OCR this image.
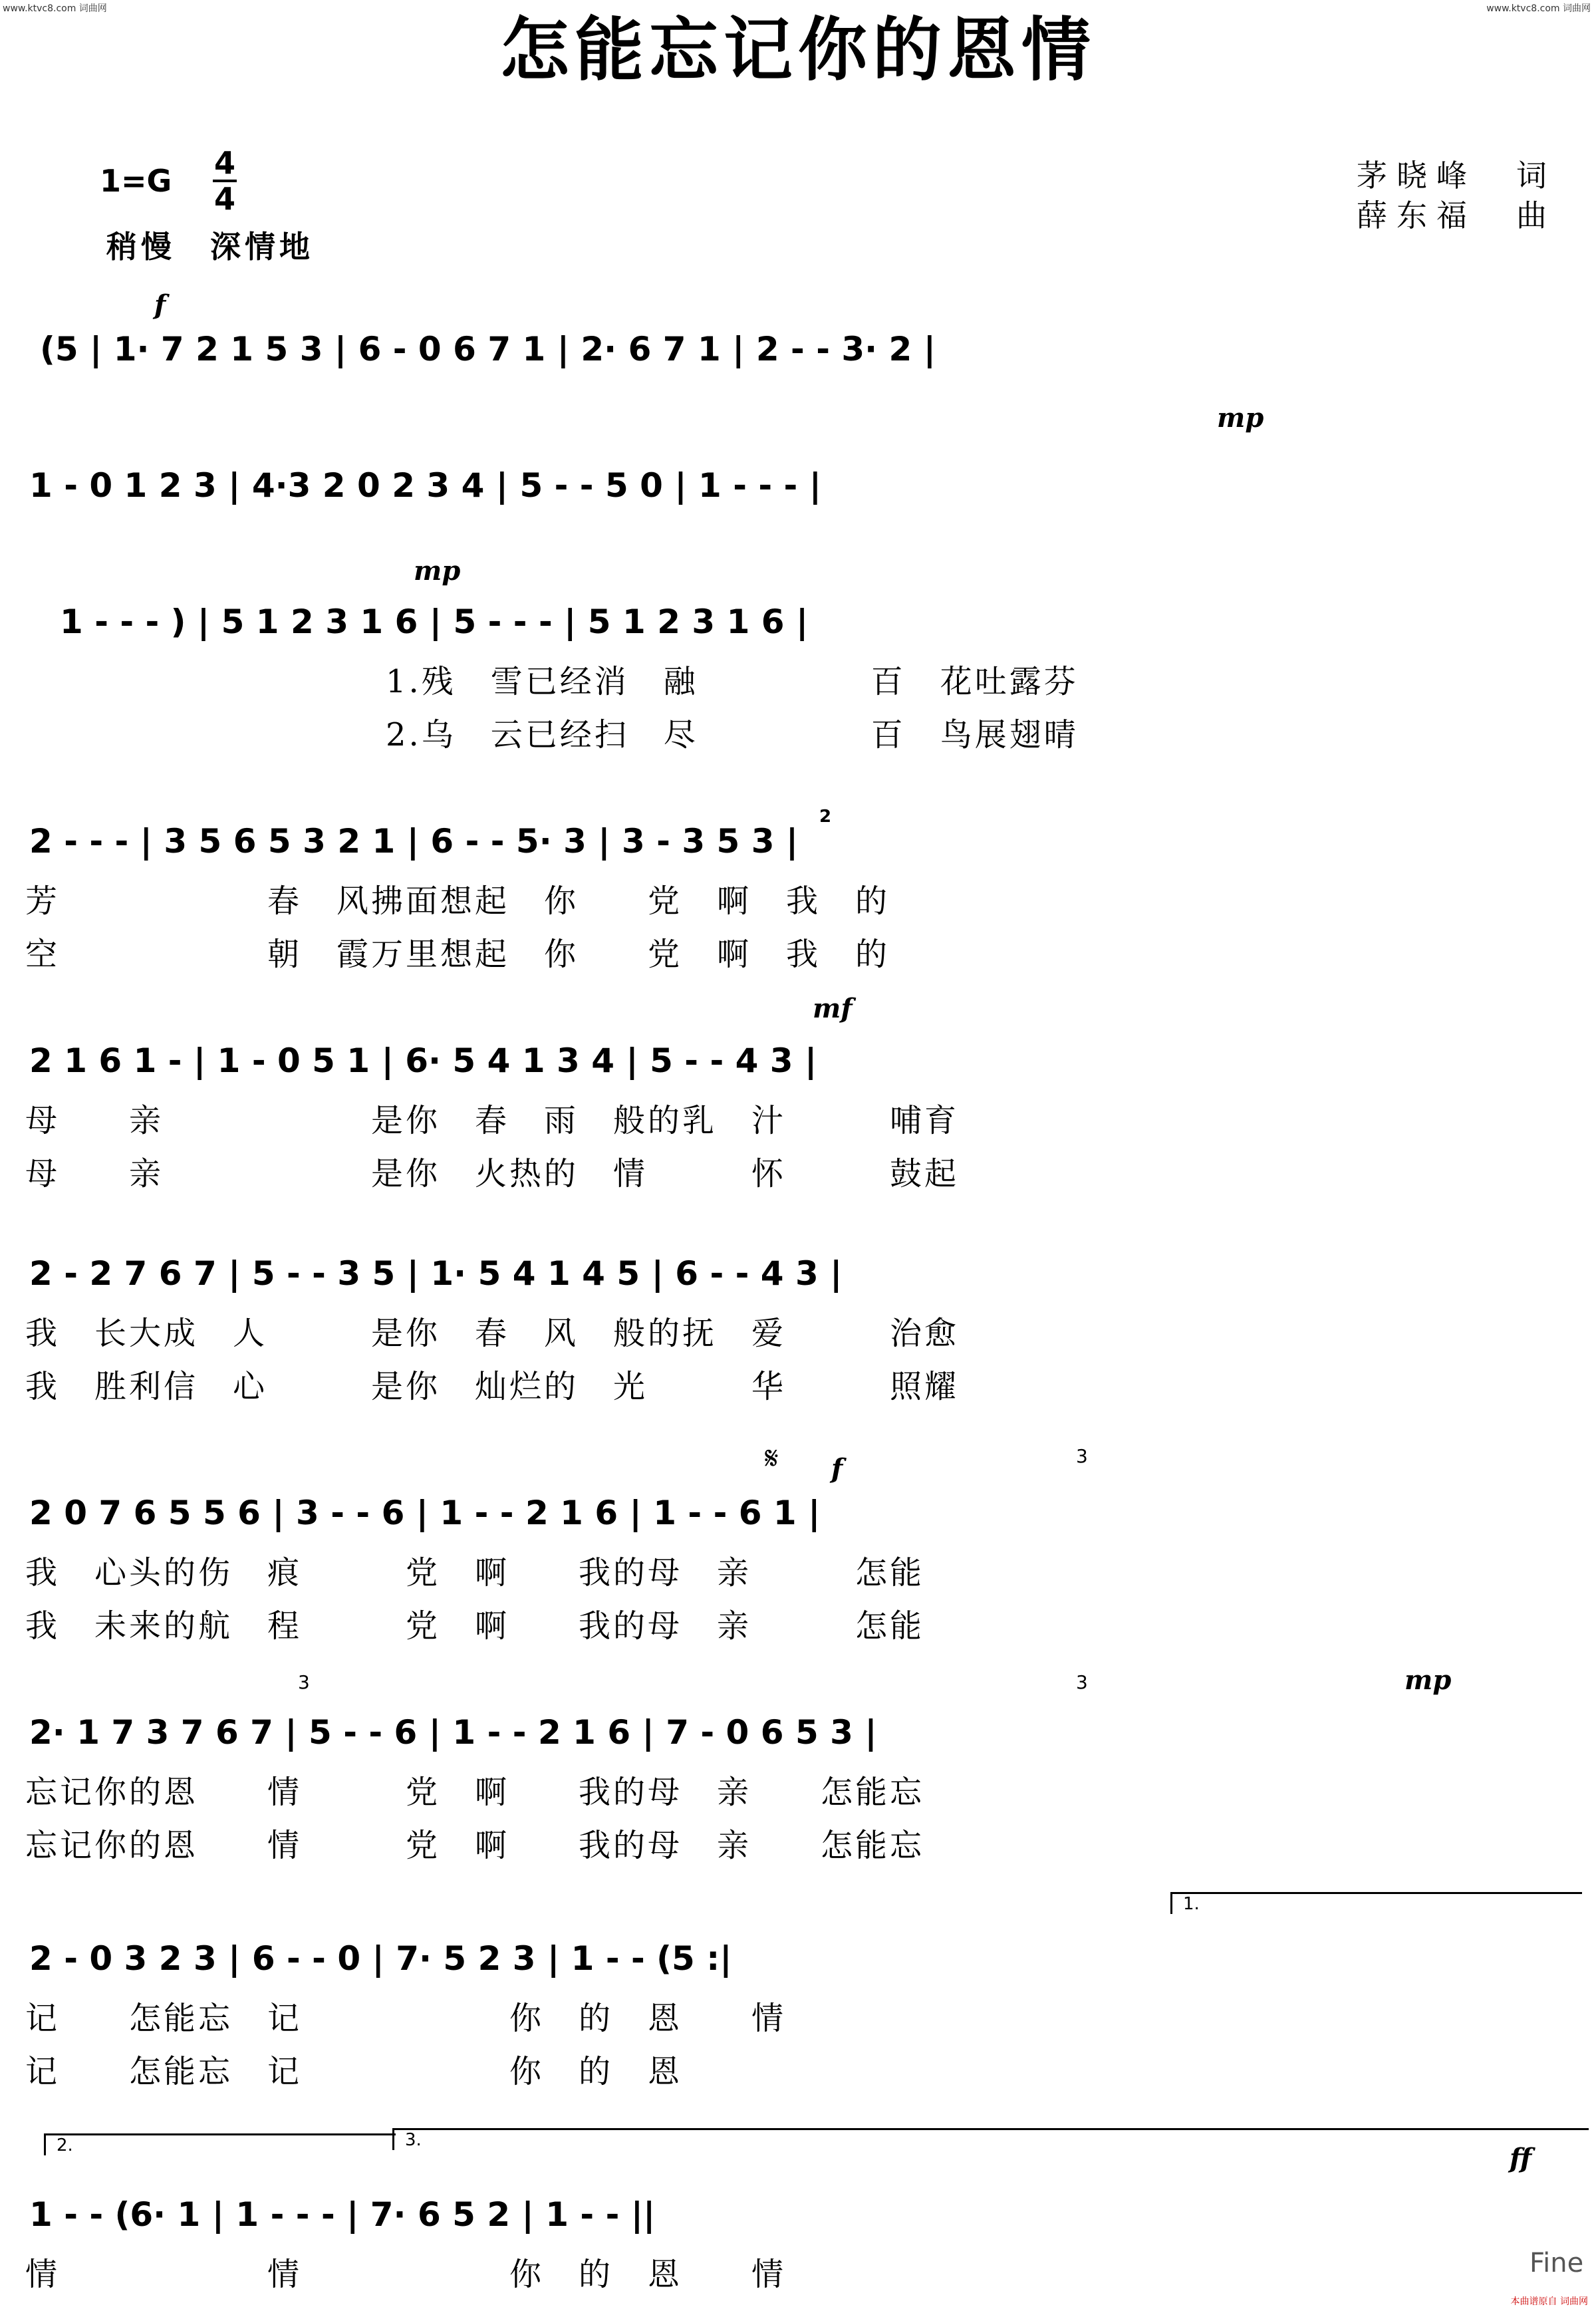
www.ktvc8.com 词曲网	www.ktvc8.com 词曲网
怎能忘记你的恩情
1=G 4
4
稍慢　深情地
茅晓峰　词
薛东福　曲
f
(5 | 1· 7 2 1 5 3 | 6 - 0 6 7 1 | 2· 6 7 1 | 2 - - 3· 2 |
mp
1 - 0 1 2 3 | 4·3 2 0 2 3 4 | 5 - - 5 0 | 1 - - - |
mp
1 - - - ) | 5 1 2 3 1 6 | 5 - - - | 5 1 2 3 1 6 |
1.残　雪已经消　融　　　　　百　花吐露芬
2.乌　云已经扫　尽　　　　　百　鸟展翅晴
2
2 - - - | 3 5 6 5 3 2 1 | 6 - - 5· 3 | 3 - 3 5 3 |
芳　　　　　　春　风拂面想起　你　　党　啊　我　的
空　　　　　　朝　霞万里想起　你　　党　啊　我　的
mf
2 1 6 1 - | 1 - 0 5 1 | 6· 5 4 1 3 4 | 5 - - 4 3 |
母　　亲　　　　　　是你　春　雨　般的乳　汁　　　哺育
母　　亲　　　　　　是你　火热的　情　　　怀　　　鼓起
2 - 2 7 6 7 | 5 - - 3 5 | 1· 5 4 1 4 5 | 6 - - 4 3 |
我　长大成　人　　　是你　春　风　般的抚　爱　　　治愈
我　胜利信　心　　　是你　灿烂的　光　　　华　　　照耀
𝄋 f	3
2 0 7 6 5 5 6 | 3 - - 6 | 1 - - 2 1 6 | 1 - - 6 1 |
我　心头的伤　痕　　　党　啊　　我的母　亲　　　怎能
我　未来的航　程　　　党　啊　　我的母　亲　　　怎能
3	3	mp
2· 1 7 3 7 6 7 | 5 - - 6 | 1 - - 2 1 6 | 7 - 0 6 5 3 |
忘记你的恩　　情　　　党　啊　　我的母　亲　　怎能忘
忘记你的恩　　情　　　党　啊　　我的母　亲　　怎能忘
1.
2 - 0 3 2 3 | 6 - - 0 | 7· 5 2 3 | 1 - - (5 :|
记　　怎能忘　记　　　　　　你　的　恩　　情
记　　怎能忘　记　　　　　　你　的　恩
2.	3.
ff
1 - - (6· 1 | 1 - - - | 7· 6 5 2 | 1 - - ||
情　　　　　　情　　　　　　你　的　恩　　情	Fine
本曲谱原自 词曲网
